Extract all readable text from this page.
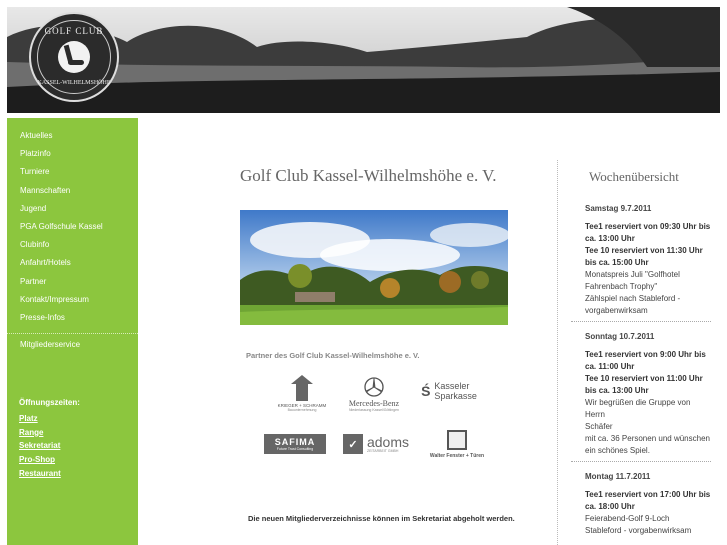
GOLF CLUB
KASSEL-WILHELMSHÖHE
Aktuelles
Platzinfo
Turniere
Mannschaften
Jugend
PGA Golfschule Kassel
Clubinfo
Anfahrt/Hotels
Partner
Kontakt/Impressum
Presse-Infos
Mitgliederservice
Öffnungszeiten:
Platz
Range
Sekretariat
Pro-Shop
Restaurant
Golf Club Kassel-Wilhelmshöhe e. V.
Partner des Golf Club Kassel-Wilhelmshöhe e. V.
KRIEGER + SCHRAMM
Bauunternehmung
Mercedes-Benz
Niederlassung Kassel/Göttingen
Ś Kasseler
Sparkasse
SAFIMA
Future Trust Consulting	✓ adoms
ZEITARBEIT GMBH
Walter Fenster + Türen
Die neuen Mitgliederverzeichnisse können im Sekretariat abgeholt werden.
Wochenübersicht
Samstag 9.7.2011
Tee1 reserviert von 09:30 Uhr bis
ca. 13:00 Uhr
Tee 10 reserviert von 11:30 Uhr
bis ca. 15:00 Uhr
Monatspreis Juli "Golfhotel
Fahrenbach Trophy"
Zählspiel nach Stableford -
vorgabenwirksam
Sonntag 10.7.2011
Tee1 reserviert von 9:00 Uhr bis
ca. 11:00 Uhr
Tee 10 reserviert von 11:00 Uhr
bis ca. 13:00 Uhr
Wir begrüßen die Gruppe von Herrn
Schäfer
mit ca. 36 Personen und wünschen
ein schönes Spiel.
Montag 11.7.2011
Tee1 reserviert von 17:00 Uhr bis
ca. 18:00 Uhr
Feierabend-Golf 9-Loch
Stableford - vorgabenwirksam
